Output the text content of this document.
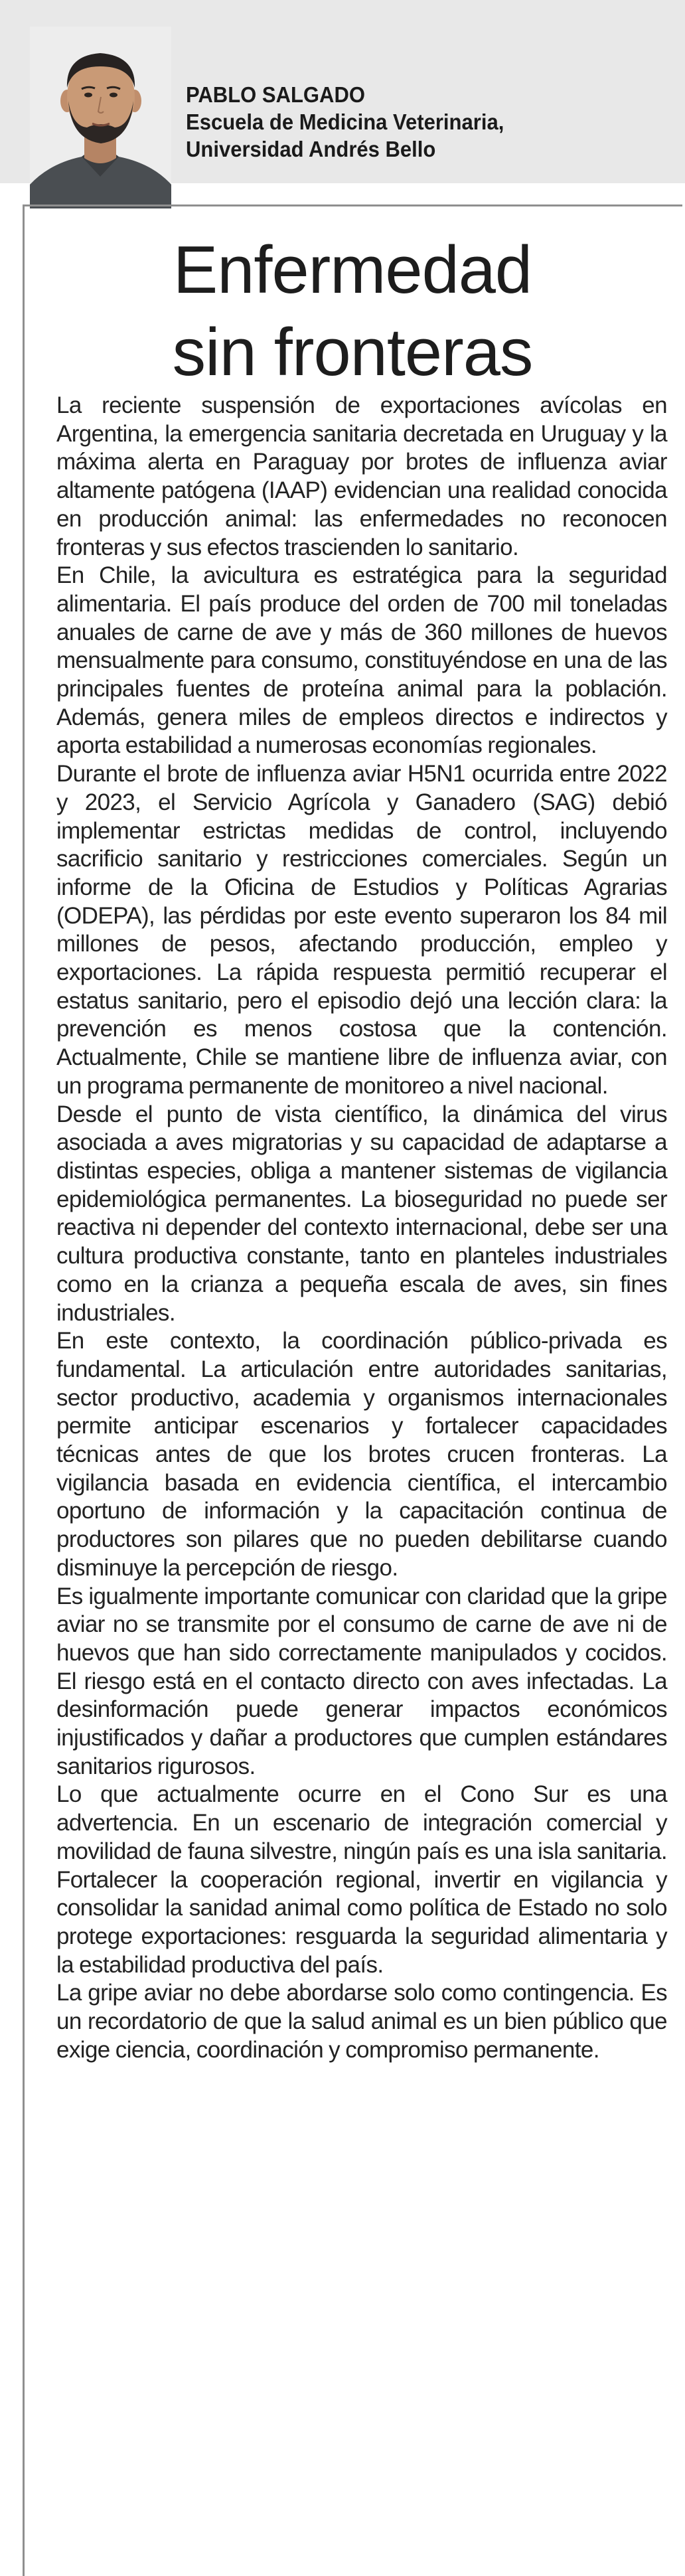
PABLO SALGADO
Escuela de Medicina Veterinaria,
Universidad Andrés Bello
Enfermedad
sin fronteras

La reciente suspensión de exportaciones avícolas en Argentina, la emergencia sanitaria decretada en Uruguay y la máxima alerta en Paraguay por brotes de influenza aviar altamente patógena (IAAP) evidencian una realidad conocida en producción animal: las enfermedades no reconocen fronteras y sus efectos trascienden lo sanitario.

En Chile, la avicultura es estratégica para la seguridad alimentaria. El país produce del orden de 700 mil toneladas anuales de carne de ave y más de 360 millones de huevos mensualmente para consumo, constituyéndose en una de las principales fuentes de proteína animal para la población. Además, genera miles de empleos directos e indirectos y aporta estabilidad a numerosas economías regionales.

Durante el brote de influenza aviar H5N1 ocurrida entre 2022 y 2023, el Servicio Agrícola y Ganadero (SAG) debió implementar estrictas medidas de control, incluyendo sacrificio sanitario y restricciones comerciales. Según un informe de la Oficina de Estudios y Políticas Agrarias (ODEPA), las pérdidas por este evento superaron los 84 mil millones de pesos, afectando producción, empleo y exportaciones. La rápida respuesta permitió recuperar el estatus sanitario, pero el episodio dejó una lección clara: la prevención es menos costosa que la contención. Actualmente, Chile se mantiene libre de influenza aviar, con un programa permanente de monitoreo a nivel nacional.

Desde el punto de vista científico, la dinámica del virus asociada a aves migratorias y su capacidad de adaptarse a distintas especies, obliga a mantener sistemas de vigilancia epidemiológica permanentes. La bioseguridad no puede ser reactiva ni depender del contexto internacional, debe ser una cultura productiva constante, tanto en planteles industriales como en la crianza a pequeña escala de aves, sin fines industriales.

En este contexto, la coordinación público-privada es fundamental. La articulación entre autoridades sanitarias, sector productivo, academia y organismos internacionales permite anticipar escenarios y fortalecer capacidades técnicas antes de que los brotes crucen fronteras. La vigilancia basada en evidencia científica, el intercambio oportuno de información y la capacitación continua de productores son pilares que no pueden debilitarse cuando disminuye la percepción de riesgo.

Es igualmente importante comunicar con claridad que la gripe aviar no se transmite por el consumo de carne de ave ni de huevos que han sido correctamente manipulados y cocidos. El riesgo está en el contacto directo con aves infectadas. La desinformación puede generar impactos económicos injustificados y dañar a productores que cumplen estándares sanitarios rigurosos.

Lo que actualmente ocurre en el Cono Sur es una advertencia. En un escenario de integración comercial y movilidad de fauna silvestre, ningún país es una isla sanitaria. Fortalecer la cooperación regional, invertir en vigilancia y consolidar la sanidad animal como política de Estado no solo protege exportaciones: resguarda la seguridad alimentaria y la estabilidad productiva del país.

La gripe aviar no debe abordarse solo como contingencia. Es un recordatorio de que la salud animal es un bien público que exige ciencia, coordinación y compromiso permanente.
